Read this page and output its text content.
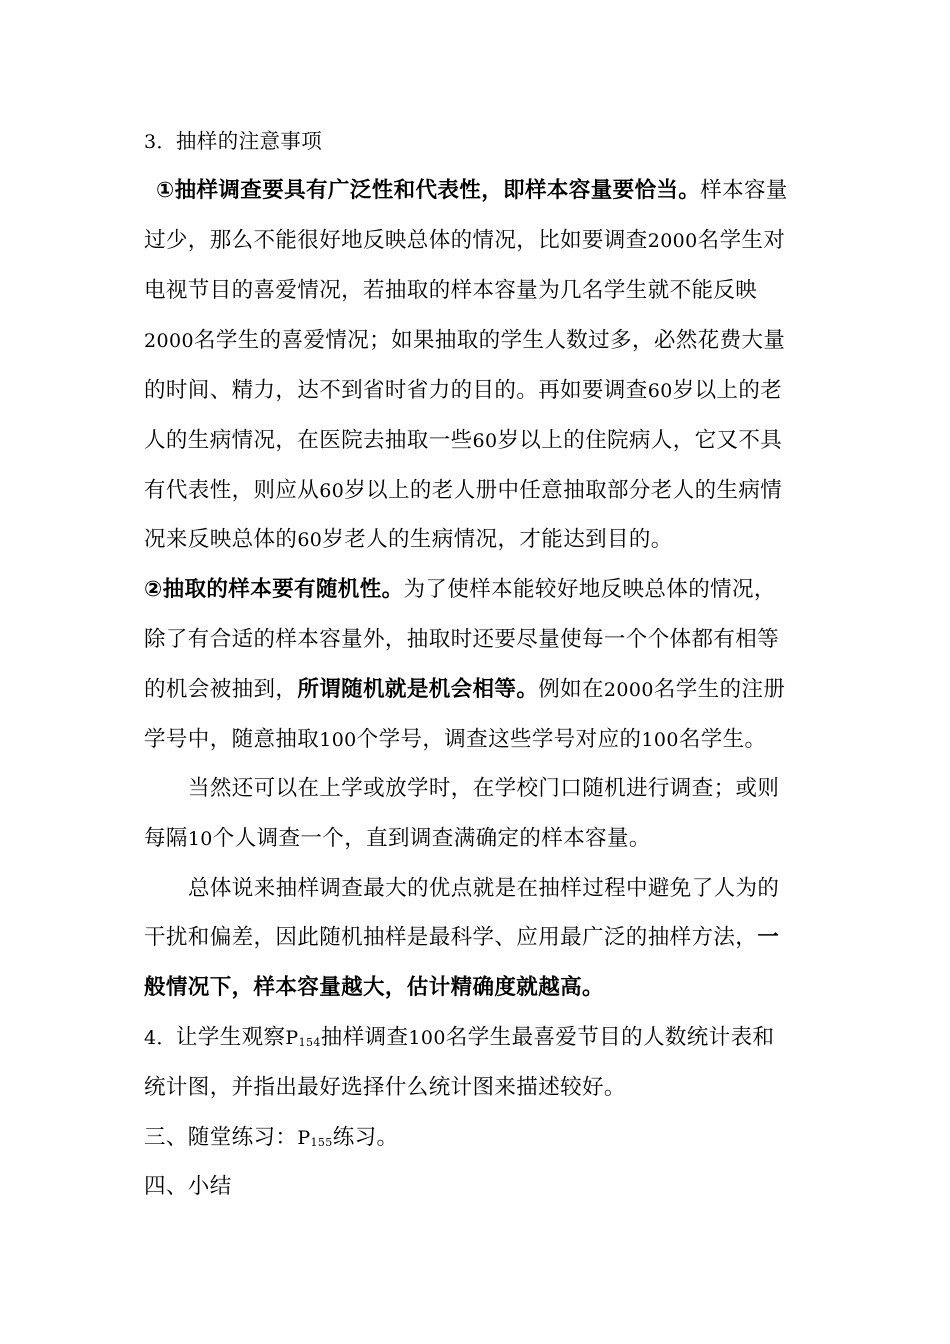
3．抽样的注意事项
①抽样调查要具有广泛性和代表性，即样本容量要恰当。样本容量
过少，那么不能很好地反映总体的情况，比如要调查2000名学生对
电视节目的喜爱情况，若抽取的样本容量为几名学生就不能反映
2000名学生的喜爱情况；如果抽取的学生人数过多，必然花费大量
的时间、精力，达不到省时省力的目的。再如要调查60岁以上的老
人的生病情况，在医院去抽取一些60岁以上的住院病人，它又不具
有代表性，则应从60岁以上的老人册中任意抽取部分老人的生病情
况来反映总体的60岁老人的生病情况，才能达到目的。
②抽取的样本要有随机性。为了使样本能较好地反映总体的情况，
除了有合适的样本容量外，抽取时还要尽量使每一个个体都有相等
的机会被抽到，所谓随机就是机会相等。例如在2000名学生的注册
学号中，随意抽取100个学号，调查这些学号对应的100名学生。
当然还可以在上学或放学时，在学校门口随机进行调查；或则
每隔10个人调查一个，直到调查满确定的样本容量。
总体说来抽样调查最大的优点就是在抽样过程中避免了人为的
干扰和偏差，因此随机抽样是最科学、应用最广泛的抽样方法，一
般情况下，样本容量越大，估计精确度就越高。
4．让学生观察P154抽样调查100名学生最喜爱节目的人数统计表和
统计图，并指出最好选择什么统计图来描述较好。
三、随堂练习：P155练习。
四、小结
